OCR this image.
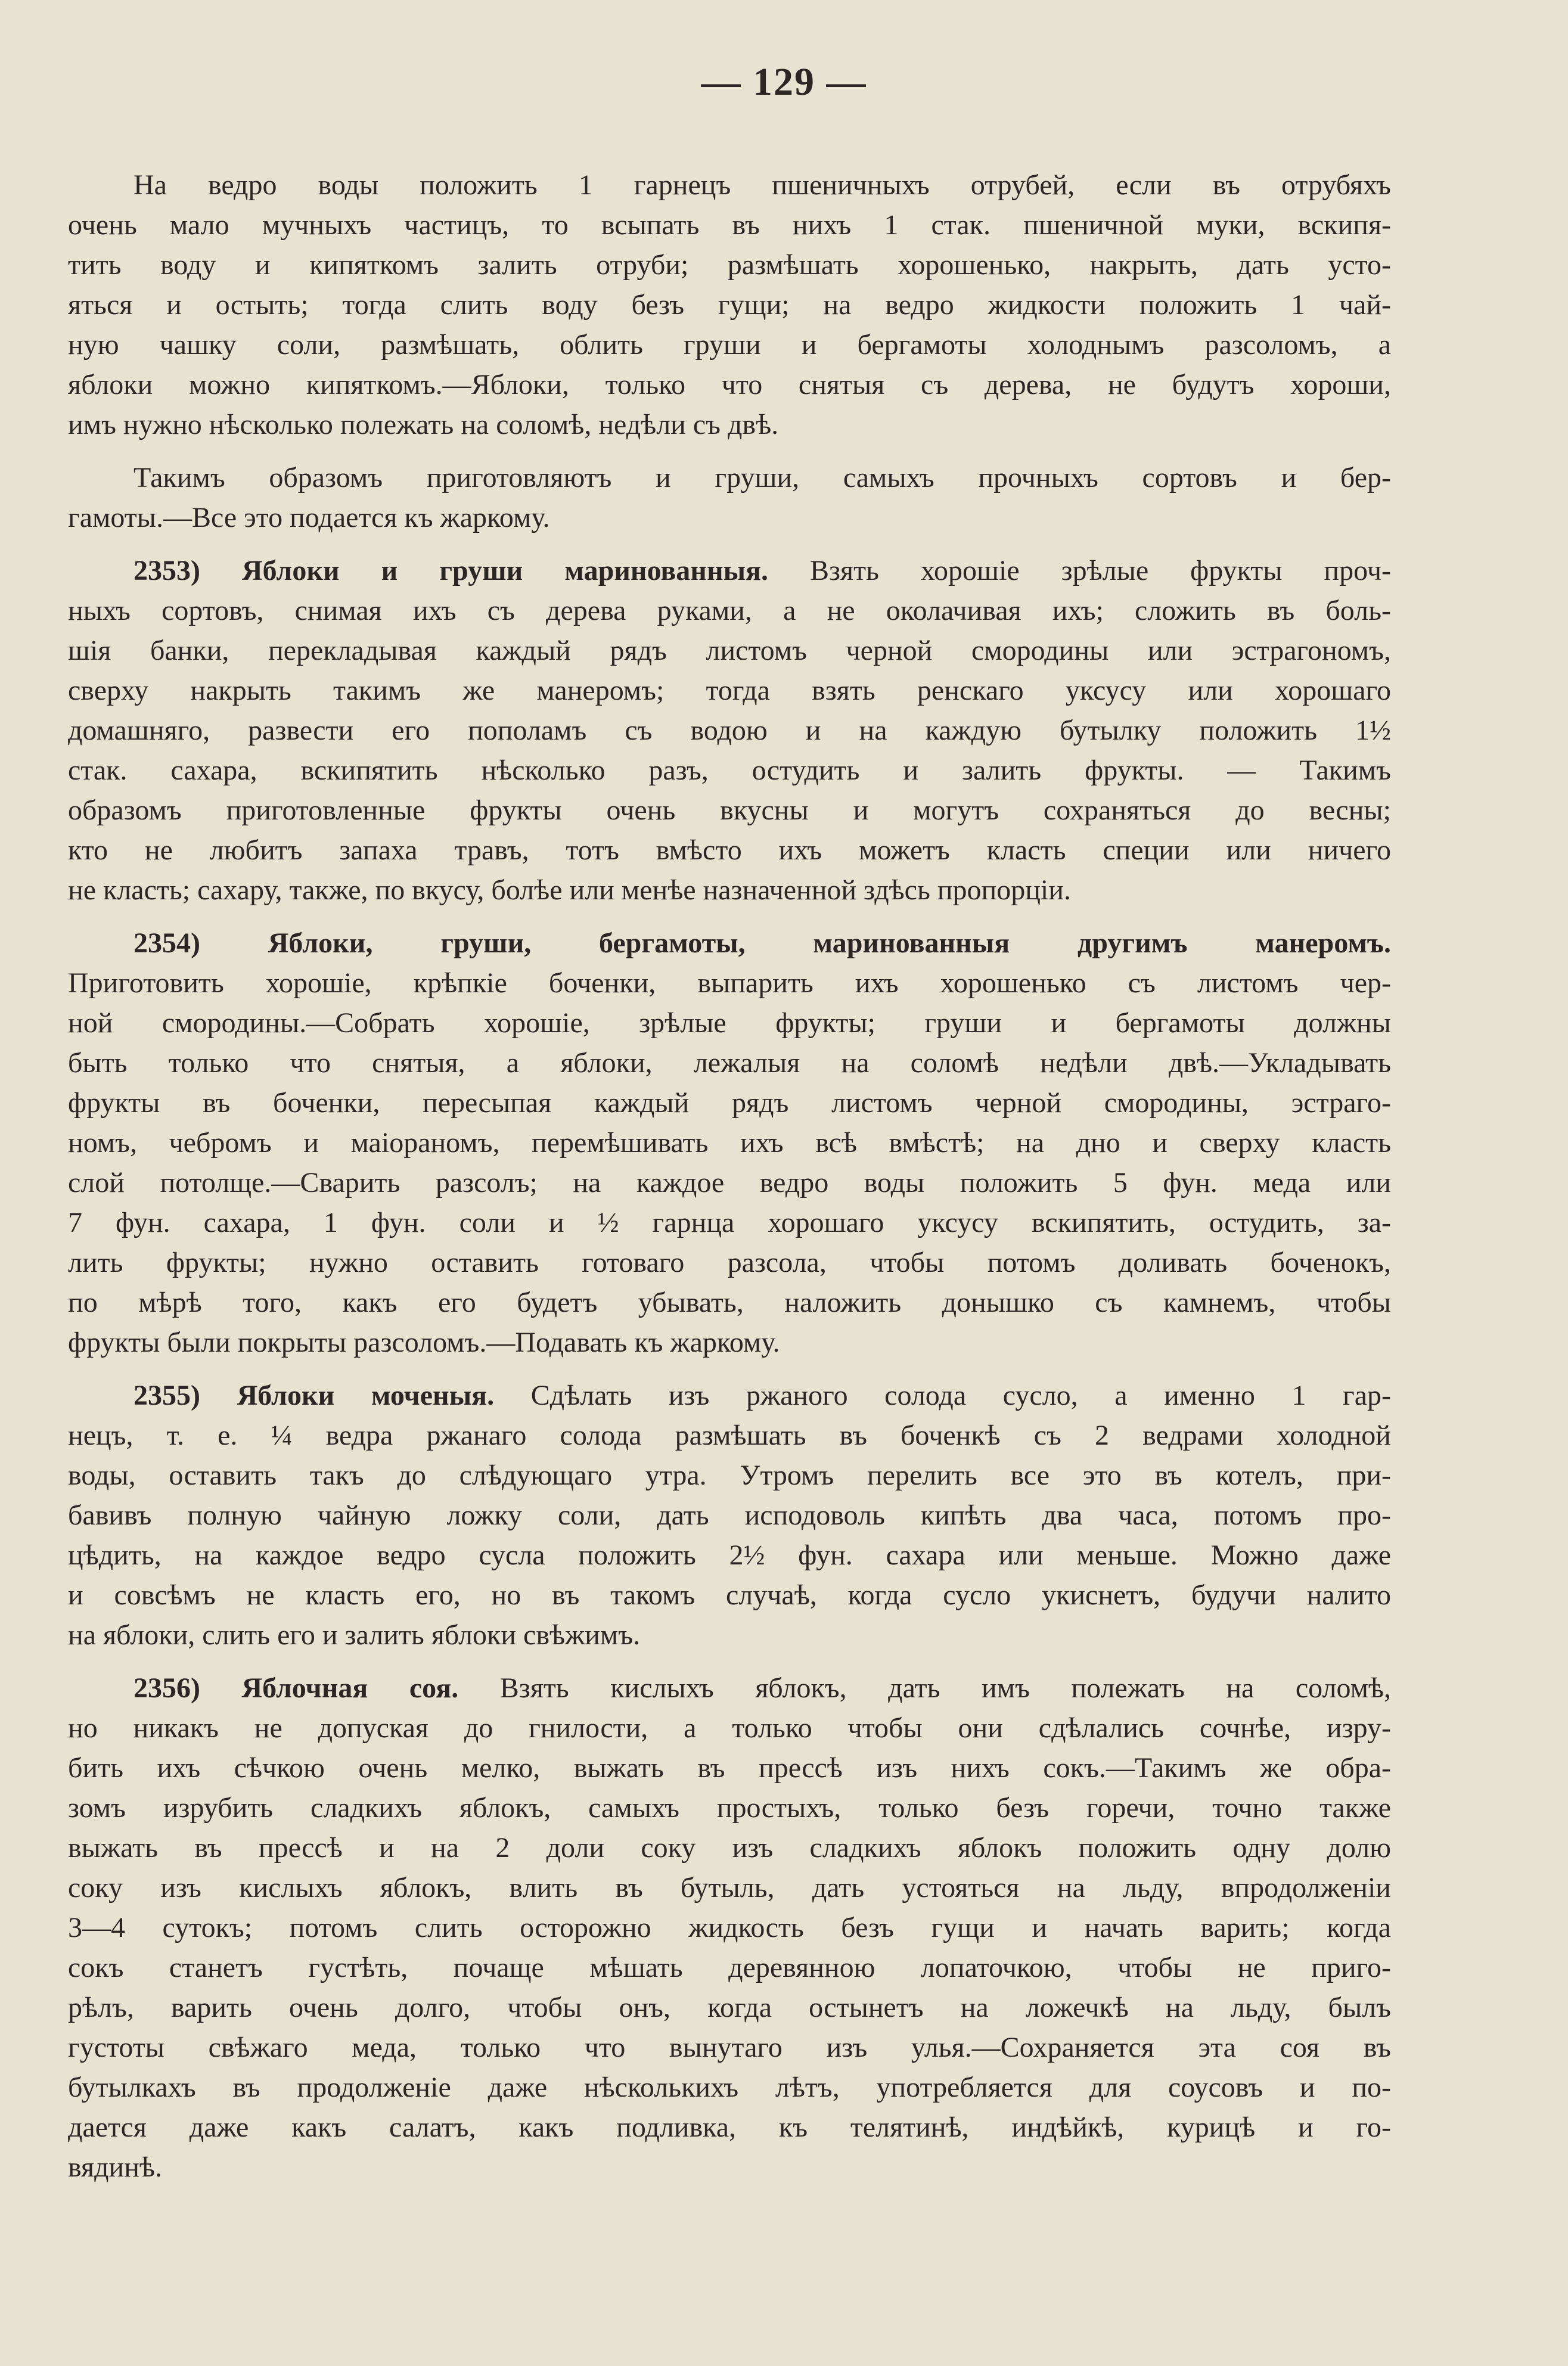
— 129 —
На ведро воды положить 1 гарнецъ пшеничныхъ отрубей, если въ отрубяхъ
очень мало мучныхъ частицъ, то всыпать въ нихъ 1 стак. пшеничной муки, вскипя-
тить воду и кипяткомъ залить отруби; размѣшать хорошенько, накрыть, дать усто-
яться и остыть; тогда слить воду безъ гущи; на ведро жидкости положить 1 чай-
ную чашку соли, размѣшать, облить груши и бергамоты холоднымъ разсоломъ, а
яблоки можно кипяткомъ.—Яблоки, только что снятыя съ дерева, не будутъ хороши,
имъ нужно нѣсколько полежать на соломѣ, недѣли съ двѣ.
Такимъ образомъ приготовляютъ и груши, самыхъ прочныхъ сортовъ и бер-
гамоты.—Все это подается къ жаркому.
2353) Яблоки и груши маринованныя. Взять хорошіе зрѣлые фрукты проч-
ныхъ сортовъ, снимая ихъ съ дерева руками, а не околачивая ихъ; сложить въ боль-
шія банки, перекладывая каждый рядъ листомъ черной смородины или эстрагономъ,
сверху накрыть такимъ же манеромъ; тогда взять ренскаго уксусу или хорошаго
домашняго, развести его пополамъ съ водою и на каждую бутылку положить 1½
стак. сахара, вскипятить нѣсколько разъ, остудить и залить фрукты. — Такимъ
образомъ приготовленные фрукты очень вкусны и могутъ сохраняться до весны;
кто не любитъ запаха травъ, тотъ вмѣсто ихъ можетъ класть специи или ничего
не класть; сахару, также, по вкусу, болѣе или менѣе назначенной здѣсь пропорціи.
2354) Яблоки, груши, бергамоты, маринованныя другимъ манеромъ.
Приготовить хорошіе, крѣпкіе боченки, выпарить ихъ хорошенько съ листомъ чер-
ной смородины.—Собрать хорошіе, зрѣлые фрукты; груши и бергамоты должны
быть только что снятыя, а яблоки, лежалыя на соломѣ недѣли двѣ.—Укладывать
фрукты въ боченки, пересыпая каждый рядъ листомъ черной смородины, эстраго-
номъ, чебромъ и маіораномъ, перемѣшивать ихъ всѣ вмѣстѣ; на дно и сверху класть
слой потолще.—Сварить разсолъ; на каждое ведро воды положить 5 фун. меда или
7 фун. сахара, 1 фун. соли и ½ гарнца хорошаго уксусу вскипятить, остудить, за-
лить фрукты; нужно оставить готоваго разсола, чтобы потомъ доливать боченокъ,
по мѣрѣ того, какъ его будетъ убывать, наложить донышко съ камнемъ, чтобы
фрукты были покрыты разсоломъ.—Подавать къ жаркому.
2355) Яблоки моченыя. Сдѣлать изъ ржаного солода сусло, а именно 1 гар-
нецъ, т. е. ¼ ведра ржанаго солода размѣшать въ боченкѣ съ 2 ведрами холодной
воды, оставить такъ до слѣдующаго утра. Утромъ перелить все это въ котелъ, при-
бавивъ полную чайную ложку соли, дать исподоволь кипѣть два часа, потомъ про-
цѣдить, на каждое ведро сусла положить 2½ фун. сахара или меньше. Можно даже
и совсѣмъ не класть его, но въ такомъ случаѣ, когда сусло укиснетъ, будучи налито
на яблоки, слить его и залить яблоки свѣжимъ.
2356) Яблочная соя. Взять кислыхъ яблокъ, дать имъ полежать на соломѣ,
но никакъ не допуская до гнилости, а только чтобы они сдѣлались сочнѣе, изру-
бить ихъ сѣчкою очень мелко, выжать въ прессѣ изъ нихъ сокъ.—Такимъ же обра-
зомъ изрубить сладкихъ яблокъ, самыхъ простыхъ, только безъ горечи, точно также
выжать въ прессѣ и на 2 доли соку изъ сладкихъ яблокъ положить одну долю
соку изъ кислыхъ яблокъ, влить въ бутыль, дать устояться на льду, впродолженіи
3—4 сутокъ; потомъ слить осторожно жидкость безъ гущи и начать варить; когда
сокъ станетъ густѣть, почаще мѣшать деревянною лопаточкою, чтобы не приго-
рѣлъ, варить очень долго, чтобы онъ, когда остынетъ на ложечкѣ на льду, былъ
густоты свѣжаго меда, только что вынутаго изъ улья.—Сохраняется эта соя въ
бутылкахъ въ продолженіе даже нѣсколькихъ лѣтъ, употребляется для соусовъ и по-
дается даже какъ салатъ, какъ подливка, къ телятинѣ, индѣйкѣ, курицѣ и го-
вядинѣ.
